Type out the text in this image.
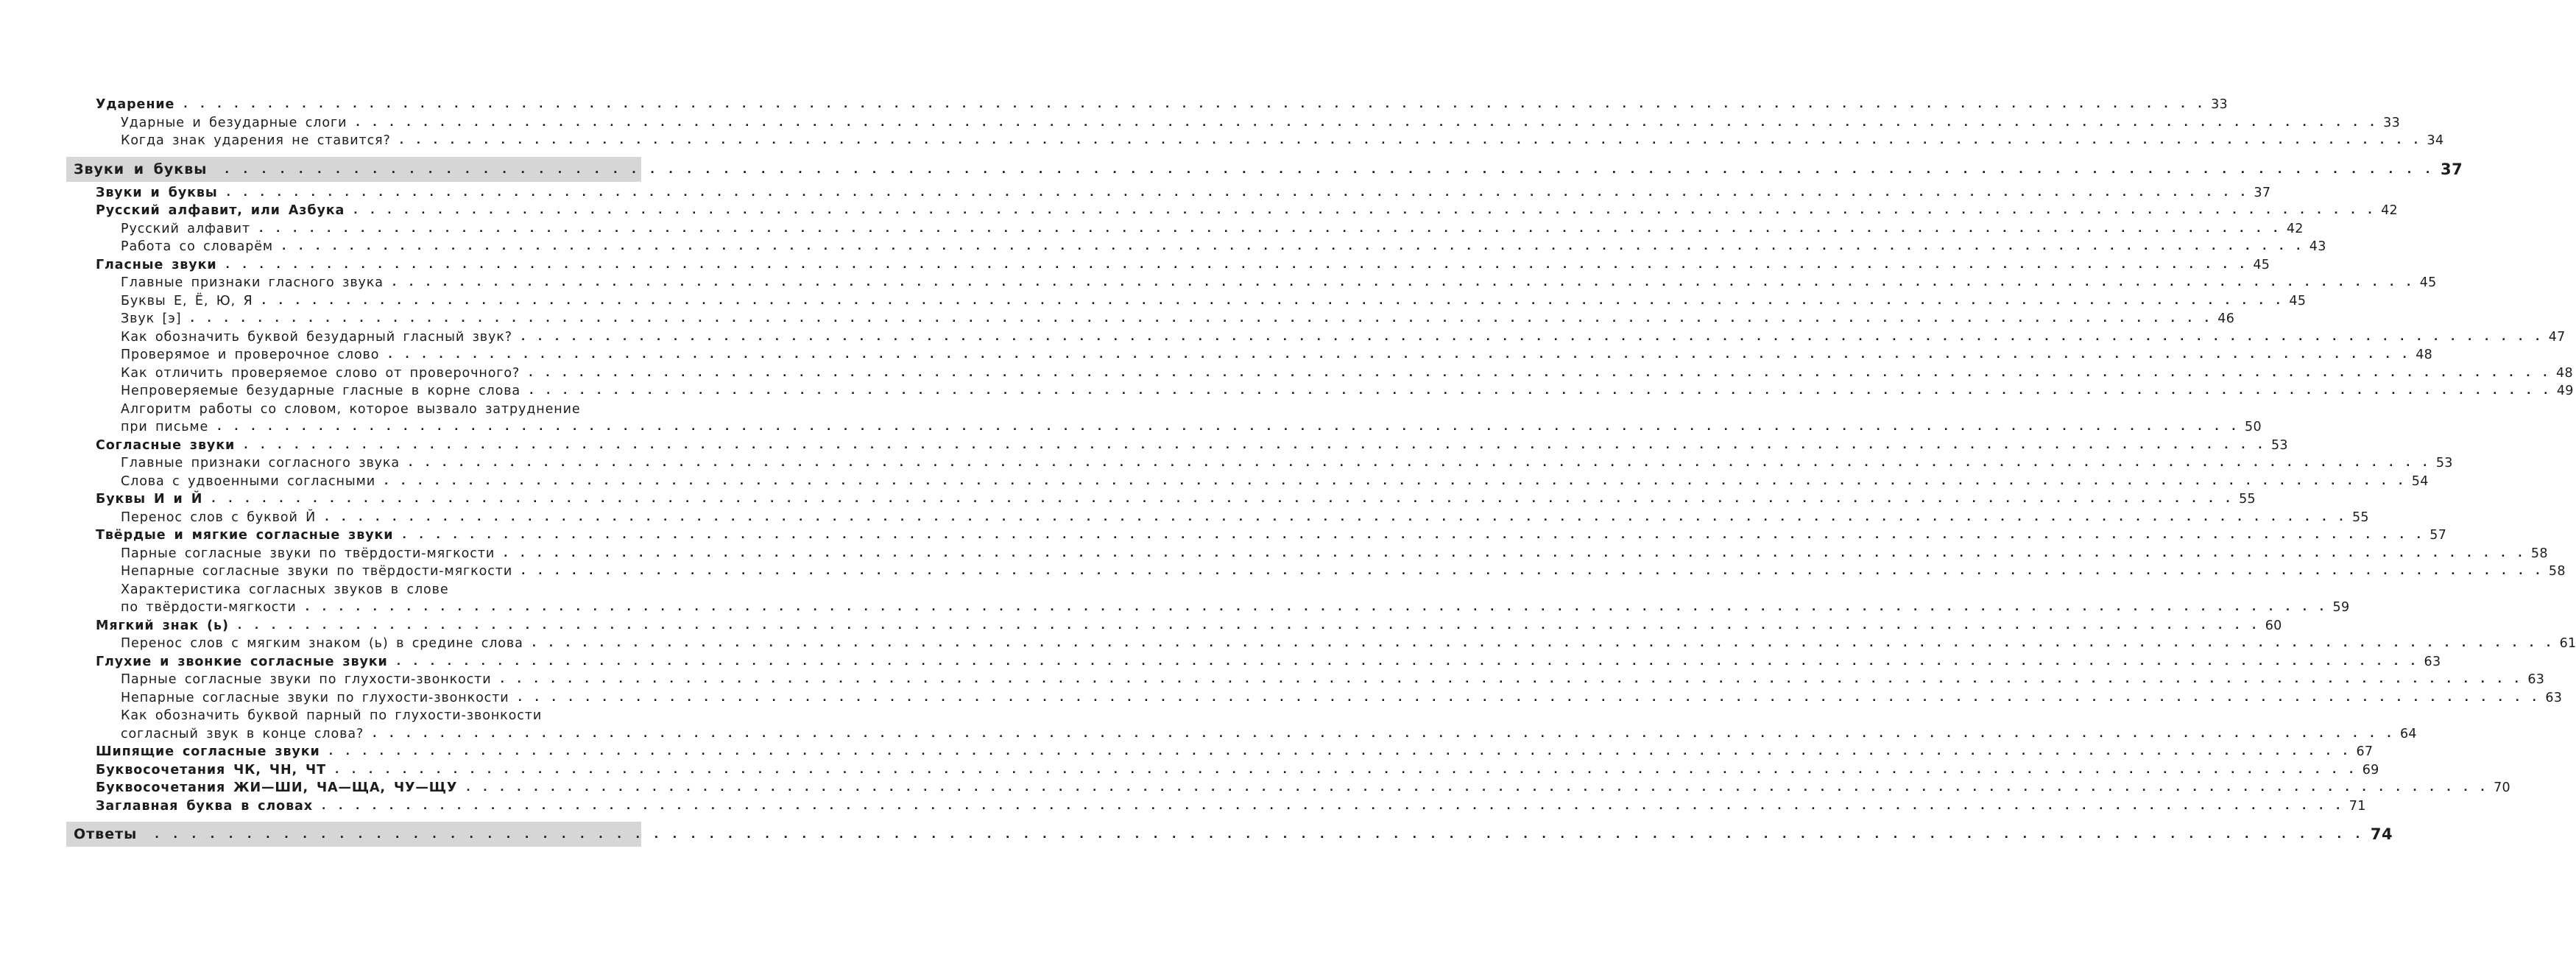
Ударение . . . . . . . . . . . . . . . . . . . . . . . . . . . . . . . . . . . . . . . . . . . . . . . . . . . . . . . . . . . . . . . . . . . . . . . . . . . . . . . . . . . . . . . . . . . . . . . . . . . . . . . . . . . . . . . . . . . . . . . . 33
Ударные и безударные слоги . . . . . . . . . . . . . . . . . . . . . . . . . . . . . . . . . . . . . . . . . . . . . . . . . . . . . . . . . . . . . . . . . . . . . . . . . . . . . . . . . . . . . . . . . . . . . . . . . . . . . . . . . . . . . . . . . . . . . . . . 33
Когда знак ударения не ставится? . . . . . . . . . . . . . . . . . . . . . . . . . . . . . . . . . . . . . . . . . . . . . . . . . . . . . . . . . . . . . . . . . . . . . . . . . . . . . . . . . . . . . . . . . . . . . . . . . . . . . . . . . . . . . . . . . . . . . . . . 34
Звуки и буквы . . . . . . . . . . . . . . . . . . . . . . . . . . . . . . . . . . . . . . . . . . . . . . . . . . . . . . . . . . . . . . . . . . . . . . . . . . . . . . . . . . . . . . . . . . . . . . . . . . . . . . . . . . . . . . . . . . . . . . . . 37
Звуки и буквы . . . . . . . . . . . . . . . . . . . . . . . . . . . . . . . . . . . . . . . . . . . . . . . . . . . . . . . . . . . . . . . . . . . . . . . . . . . . . . . . . . . . . . . . . . . . . . . . . . . . . . . . . . . . . . . . . . . . . . . . 37
Русский алфавит, или Азбука . . . . . . . . . . . . . . . . . . . . . . . . . . . . . . . . . . . . . . . . . . . . . . . . . . . . . . . . . . . . . . . . . . . . . . . . . . . . . . . . . . . . . . . . . . . . . . . . . . . . . . . . . . . . . . . . . . . . . . . . 42
Русский алфавит . . . . . . . . . . . . . . . . . . . . . . . . . . . . . . . . . . . . . . . . . . . . . . . . . . . . . . . . . . . . . . . . . . . . . . . . . . . . . . . . . . . . . . . . . . . . . . . . . . . . . . . . . . . . . . . . . . . . . . . . 42
Работа со словарём . . . . . . . . . . . . . . . . . . . . . . . . . . . . . . . . . . . . . . . . . . . . . . . . . . . . . . . . . . . . . . . . . . . . . . . . . . . . . . . . . . . . . . . . . . . . . . . . . . . . . . . . . . . . . . . . . . . . . . . . 43
Гласные звуки . . . . . . . . . . . . . . . . . . . . . . . . . . . . . . . . . . . . . . . . . . . . . . . . . . . . . . . . . . . . . . . . . . . . . . . . . . . . . . . . . . . . . . . . . . . . . . . . . . . . . . . . . . . . . . . . . . . . . . . . 45
Главные признаки гласного звука . . . . . . . . . . . . . . . . . . . . . . . . . . . . . . . . . . . . . . . . . . . . . . . . . . . . . . . . . . . . . . . . . . . . . . . . . . . . . . . . . . . . . . . . . . . . . . . . . . . . . . . . . . . . . . . . . . . . . . . . 45
Буквы Е, Ё, Ю, Я . . . . . . . . . . . . . . . . . . . . . . . . . . . . . . . . . . . . . . . . . . . . . . . . . . . . . . . . . . . . . . . . . . . . . . . . . . . . . . . . . . . . . . . . . . . . . . . . . . . . . . . . . . . . . . . . . . . . . . . . 45
Звук [э] . . . . . . . . . . . . . . . . . . . . . . . . . . . . . . . . . . . . . . . . . . . . . . . . . . . . . . . . . . . . . . . . . . . . . . . . . . . . . . . . . . . . . . . . . . . . . . . . . . . . . . . . . . . . . . . . . . . . . . . . 46
Как обозначить буквой безударный гласный звук? . . . . . . . . . . . . . . . . . . . . . . . . . . . . . . . . . . . . . . . . . . . . . . . . . . . . . . . . . . . . . . . . . . . . . . . . . . . . . . . . . . . . . . . . . . . . . . . . . . . . . . . . . . . . . . . . . . . . . . . . 47
Проверямое и проверочное слово . . . . . . . . . . . . . . . . . . . . . . . . . . . . . . . . . . . . . . . . . . . . . . . . . . . . . . . . . . . . . . . . . . . . . . . . . . . . . . . . . . . . . . . . . . . . . . . . . . . . . . . . . . . . . . . . . . . . . . . . 48
Как отличить проверяемое слово от проверочного? . . . . . . . . . . . . . . . . . . . . . . . . . . . . . . . . . . . . . . . . . . . . . . . . . . . . . . . . . . . . . . . . . . . . . . . . . . . . . . . . . . . . . . . . . . . . . . . . . . . . . . . . . . . . . . . . . . . . . . . . 48
Непроверяемые безударные гласные в корне слова . . . . . . . . . . . . . . . . . . . . . . . . . . . . . . . . . . . . . . . . . . . . . . . . . . . . . . . . . . . . . . . . . . . . . . . . . . . . . . . . . . . . . . . . . . . . . . . . . . . . . . . . . . . . . . . . . . . . . . . . 49
Алгоритм работы со словом, которое вызвало затруднение
при письме . . . . . . . . . . . . . . . . . . . . . . . . . . . . . . . . . . . . . . . . . . . . . . . . . . . . . . . . . . . . . . . . . . . . . . . . . . . . . . . . . . . . . . . . . . . . . . . . . . . . . . . . . . . . . . . . . . . . . . . . 50
Согласные звуки . . . . . . . . . . . . . . . . . . . . . . . . . . . . . . . . . . . . . . . . . . . . . . . . . . . . . . . . . . . . . . . . . . . . . . . . . . . . . . . . . . . . . . . . . . . . . . . . . . . . . . . . . . . . . . . . . . . . . . . . 53
Главные признаки согласного звука . . . . . . . . . . . . . . . . . . . . . . . . . . . . . . . . . . . . . . . . . . . . . . . . . . . . . . . . . . . . . . . . . . . . . . . . . . . . . . . . . . . . . . . . . . . . . . . . . . . . . . . . . . . . . . . . . . . . . . . . 53
Слова с удвоенными согласными . . . . . . . . . . . . . . . . . . . . . . . . . . . . . . . . . . . . . . . . . . . . . . . . . . . . . . . . . . . . . . . . . . . . . . . . . . . . . . . . . . . . . . . . . . . . . . . . . . . . . . . . . . . . . . . . . . . . . . . . 54
Буквы И и Й . . . . . . . . . . . . . . . . . . . . . . . . . . . . . . . . . . . . . . . . . . . . . . . . . . . . . . . . . . . . . . . . . . . . . . . . . . . . . . . . . . . . . . . . . . . . . . . . . . . . . . . . . . . . . . . . . . . . . . . . 55
Перенос слов с буквой Й . . . . . . . . . . . . . . . . . . . . . . . . . . . . . . . . . . . . . . . . . . . . . . . . . . . . . . . . . . . . . . . . . . . . . . . . . . . . . . . . . . . . . . . . . . . . . . . . . . . . . . . . . . . . . . . . . . . . . . . . 55
Твёрдые и мягкие согласные звуки . . . . . . . . . . . . . . . . . . . . . . . . . . . . . . . . . . . . . . . . . . . . . . . . . . . . . . . . . . . . . . . . . . . . . . . . . . . . . . . . . . . . . . . . . . . . . . . . . . . . . . . . . . . . . . . . . . . . . . . . 57
Парные согласные звуки по твёрдости-мягкости . . . . . . . . . . . . . . . . . . . . . . . . . . . . . . . . . . . . . . . . . . . . . . . . . . . . . . . . . . . . . . . . . . . . . . . . . . . . . . . . . . . . . . . . . . . . . . . . . . . . . . . . . . . . . . . . . . . . . . . . 58
Непарные согласные звуки по твёрдости-мягкости . . . . . . . . . . . . . . . . . . . . . . . . . . . . . . . . . . . . . . . . . . . . . . . . . . . . . . . . . . . . . . . . . . . . . . . . . . . . . . . . . . . . . . . . . . . . . . . . . . . . . . . . . . . . . . . . . . . . . . . . 58
Характеристика согласных звуков в слове
по твёрдости-мягкости . . . . . . . . . . . . . . . . . . . . . . . . . . . . . . . . . . . . . . . . . . . . . . . . . . . . . . . . . . . . . . . . . . . . . . . . . . . . . . . . . . . . . . . . . . . . . . . . . . . . . . . . . . . . . . . . . . . . . . . . 59
Мягкий знак (ь) . . . . . . . . . . . . . . . . . . . . . . . . . . . . . . . . . . . . . . . . . . . . . . . . . . . . . . . . . . . . . . . . . . . . . . . . . . . . . . . . . . . . . . . . . . . . . . . . . . . . . . . . . . . . . . . . . . . . . . . . 60
Перенос слов с мягким знаком (ь) в средине слова . . . . . . . . . . . . . . . . . . . . . . . . . . . . . . . . . . . . . . . . . . . . . . . . . . . . . . . . . . . . . . . . . . . . . . . . . . . . . . . . . . . . . . . . . . . . . . . . . . . . . . . . . . . . . . . . . . . . . . . . 61
Глухие и звонкие согласные звуки . . . . . . . . . . . . . . . . . . . . . . . . . . . . . . . . . . . . . . . . . . . . . . . . . . . . . . . . . . . . . . . . . . . . . . . . . . . . . . . . . . . . . . . . . . . . . . . . . . . . . . . . . . . . . . . . . . . . . . . . 63
Парные согласные звуки по глухости-звонкости . . . . . . . . . . . . . . . . . . . . . . . . . . . . . . . . . . . . . . . . . . . . . . . . . . . . . . . . . . . . . . . . . . . . . . . . . . . . . . . . . . . . . . . . . . . . . . . . . . . . . . . . . . . . . . . . . . . . . . . . 63
Непарные согласные звуки по глухости-звонкости . . . . . . . . . . . . . . . . . . . . . . . . . . . . . . . . . . . . . . . . . . . . . . . . . . . . . . . . . . . . . . . . . . . . . . . . . . . . . . . . . . . . . . . . . . . . . . . . . . . . . . . . . . . . . . . . . . . . . . . . 63
Как обозначить буквой парный по глухости-звонкости
согласный звук в конце слова? . . . . . . . . . . . . . . . . . . . . . . . . . . . . . . . . . . . . . . . . . . . . . . . . . . . . . . . . . . . . . . . . . . . . . . . . . . . . . . . . . . . . . . . . . . . . . . . . . . . . . . . . . . . . . . . . . . . . . . . . 64
Шипящие согласные звуки . . . . . . . . . . . . . . . . . . . . . . . . . . . . . . . . . . . . . . . . . . . . . . . . . . . . . . . . . . . . . . . . . . . . . . . . . . . . . . . . . . . . . . . . . . . . . . . . . . . . . . . . . . . . . . . . . . . . . . . . 67
Буквосочетания ЧК, ЧН, ЧТ . . . . . . . . . . . . . . . . . . . . . . . . . . . . . . . . . . . . . . . . . . . . . . . . . . . . . . . . . . . . . . . . . . . . . . . . . . . . . . . . . . . . . . . . . . . . . . . . . . . . . . . . . . . . . . . . . . . . . . . . 69
Буквосочетания ЖИ—ШИ, ЧА—ЩА, ЧУ—ЩУ . . . . . . . . . . . . . . . . . . . . . . . . . . . . . . . . . . . . . . . . . . . . . . . . . . . . . . . . . . . . . . . . . . . . . . . . . . . . . . . . . . . . . . . . . . . . . . . . . . . . . . . . . . . . . . . . . . . . . . . . 70
Заглавная буква в словах . . . . . . . . . . . . . . . . . . . . . . . . . . . . . . . . . . . . . . . . . . . . . . . . . . . . . . . . . . . . . . . . . . . . . . . . . . . . . . . . . . . . . . . . . . . . . . . . . . . . . . . . . . . . . . . . . . . . . . . . 71
Ответы . . . . . . . . . . . . . . . . . . . . . . . . . . . . . . . . . . . . . . . . . . . . . . . . . . . . . . . . . . . . . . . . . . . . . . . . . . . . . . . . . . . . . . . . . . . . . . . . . . . . . . . . . . . . . . . . . . . . . . . . 74
